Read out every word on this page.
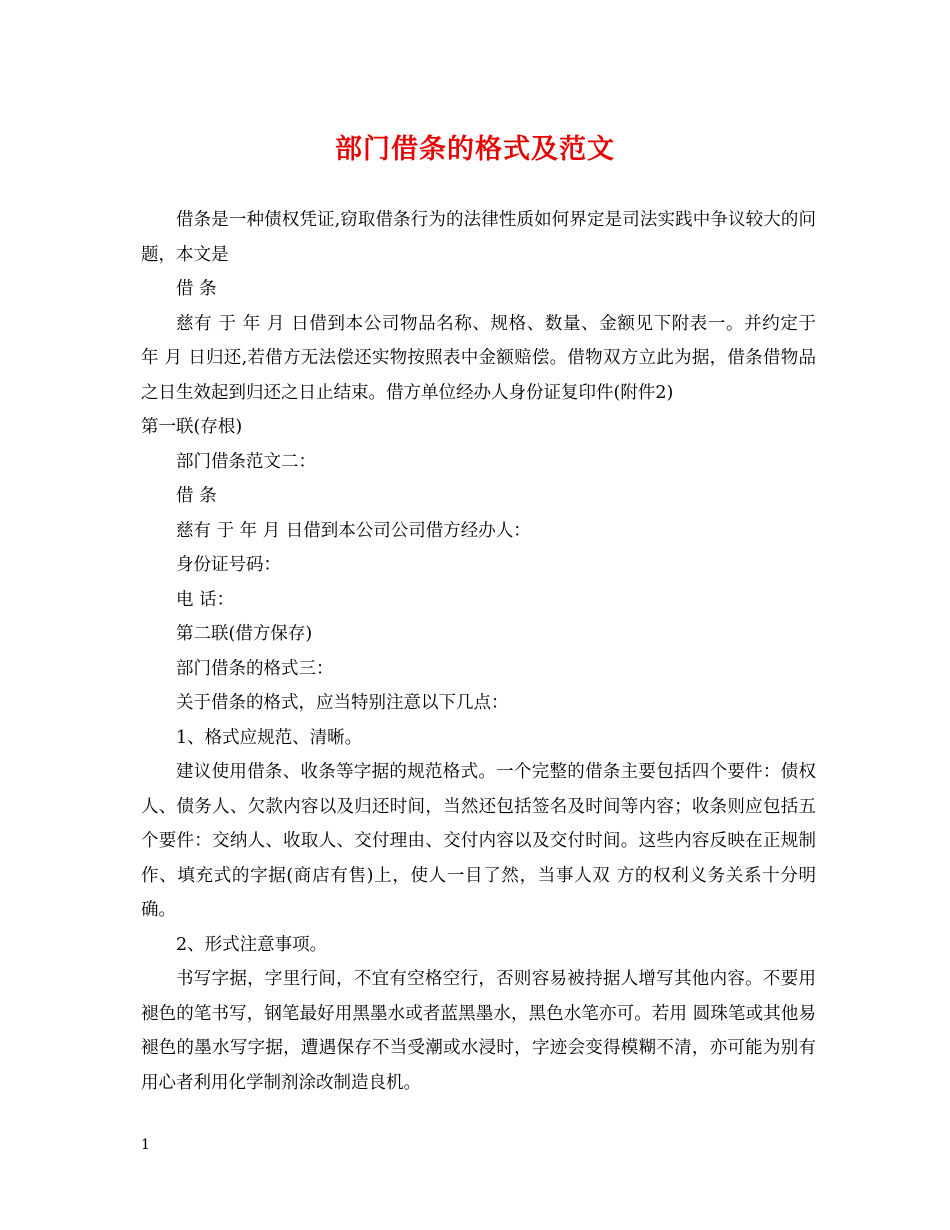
部门借条的格式及范文

借条是一种债权凭证,窃取借条行为的法律性质如何界定是司法实践中争议较大的问题，本文是

借 条

慈有 于 年 月 日借到本公司物品名称、规格、数量、金额见下附表一。并约定于 年 月 日归还,若借方无法偿还实物按照表中金额赔偿。借物双方立此为据，借条借物品之日生效起到归还之日止结束。借方单位经办人身份证复印件(附件2)

第一联(存根)

部门借条范文二：

借 条

慈有 于 年 月 日借到本公司公司借方经办人：

身份证号码：

电 话：

第二联(借方保存)

部门借条的格式三：

关于借条的格式，应当特别注意以下几点：

1、格式应规范、清晰。

建议使用借条、收条等字据的规范格式。一个完整的借条主要包括四个要件：债权人、债务人、欠款内容以及归还时间，当然还包括签名及时间等内容；收条则应包括五个要件：交纳人、收取人、交付理由、交付内容以及交付时间。这些内容反映在正规制作、填充式的字据(商店有售)上，使人一目了然，当事人双 方的权利义务关系十分明确。

2、形式注意事项。

书写字据，字里行间，不宜有空格空行，否则容易被持据人增写其他内容。不要用褪色的笔书写，钢笔最好用黑墨水或者蓝黑墨水，黑色水笔亦可。若用 圆珠笔或其他易褪色的墨水写字据，遭遇保存不当受潮或水浸时，字迹会变得模糊不清，亦可能为别有用心者利用化学制剂涂改制造良机。

1
